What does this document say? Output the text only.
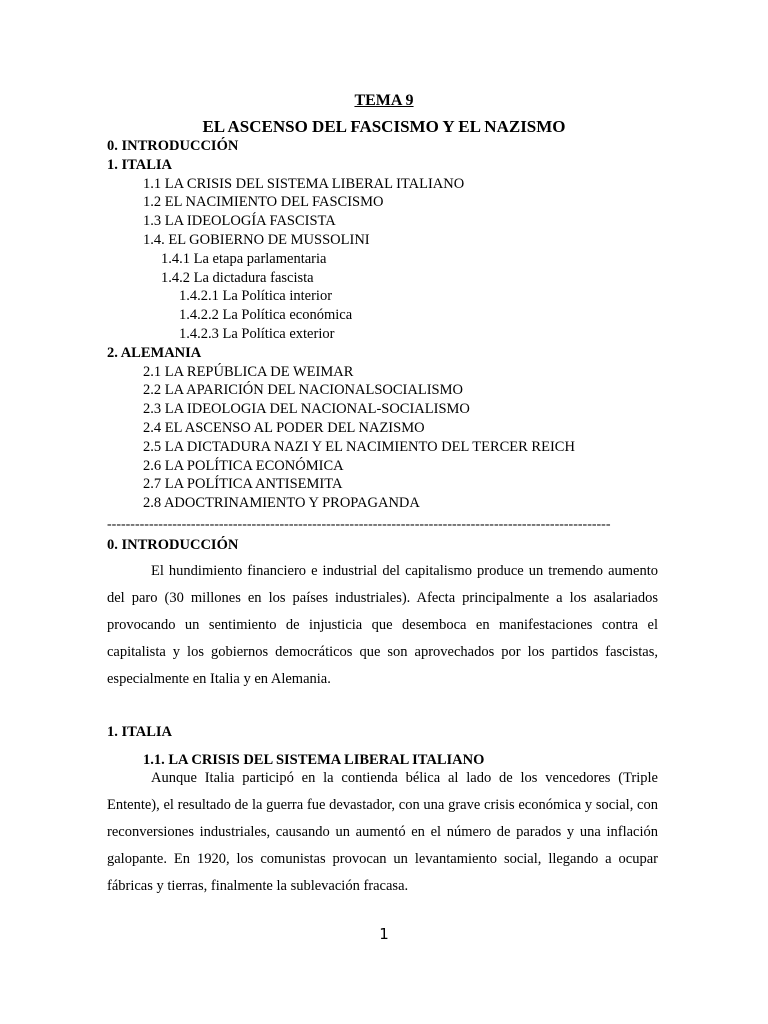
TEMA 9
EL ASCENSO DEL FASCISMO Y EL NAZISMO
0. INTRODUCCIÓN
1. ITALIA
1.1 LA CRISIS DEL SISTEMA LIBERAL ITALIANO
1.2 EL NACIMIENTO DEL FASCISMO
1.3 LA IDEOLOGÍA FASCISTA
1.4. EL GOBIERNO DE MUSSOLINI
1.4.1 La etapa parlamentaria
1.4.2 La dictadura fascista
1.4.2.1 La Política interior
1.4.2.2 La Política económica
1.4.2.3 La Política exterior
2. ALEMANIA
2.1 LA REPÚBLICA DE WEIMAR
2.2 LA APARICIÓN DEL NACIONALSOCIALISMO
2.3 LA IDEOLOGIA DEL NACIONAL-SOCIALISMO
2.4 EL ASCENSO AL PODER DEL NAZISMO
2.5 LA DICTADURA NAZI Y EL NACIMIENTO DEL TERCER REICH
2.6 LA POLÍTICA ECONÓMICA
2.7 LA POLÍTICA ANTISEMITA
2.8 ADOCTRINAMIENTO Y PROPAGANDA
------------------------------------------------------------------------------------------------------------
0. INTRODUCCIÓN

El hundimiento financiero e industrial del capitalismo produce un tremendo aumento del paro (30 millones en los países industriales). Afecta principalmente a los asalariados provocando un sentimiento de injusticia que desemboca en manifestaciones contra el capitalista y los gobiernos democráticos que son aprovechados por los partidos fascistas, especialmente en Italia y en Alemania.

1. ITALIA
1.1. LA CRISIS DEL SISTEMA LIBERAL ITALIANO

Aunque Italia participó en la contienda bélica al lado de los vencedores (Triple Entente), el resultado de la guerra fue devastador, con una grave crisis económica y social, con reconversiones industriales, causando un aumentó en el número de parados y una inflación galopante. En 1920, los comunistas provocan un levantamiento social, llegando a ocupar fábricas y tierras, finalmente la sublevación fracasa.

1
